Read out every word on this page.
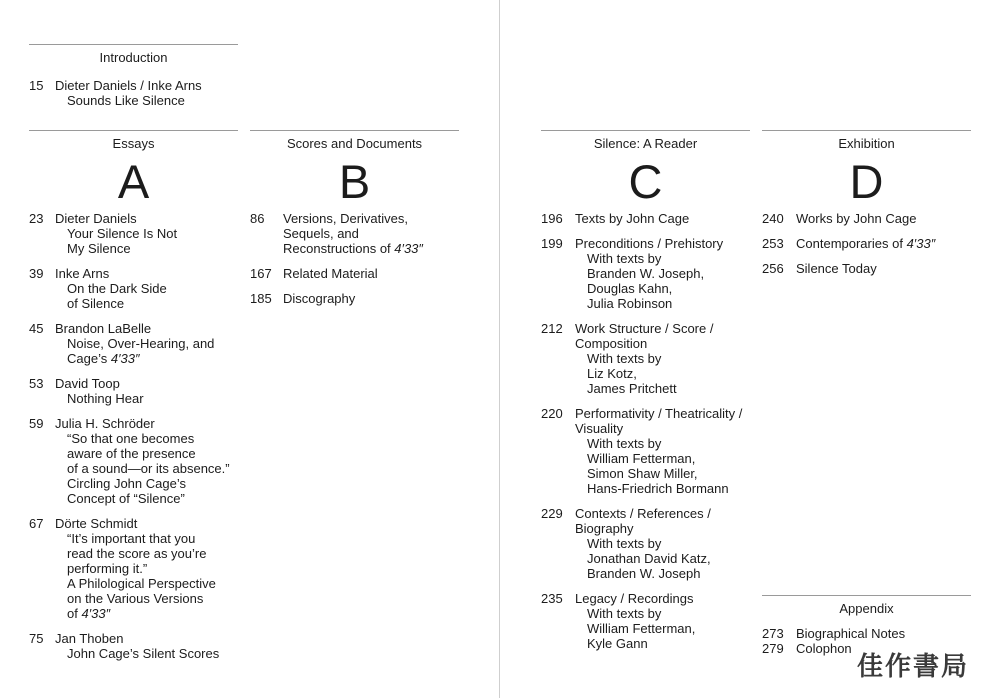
Introduction
15 Dieter Daniels / Inke Arns
Sounds Like Silence
Essays
A
23 Dieter Daniels
Your Silence Is Not
My Silence
39 Inke Arns
On the Dark Side
of Silence
45 Brandon LaBelle
Noise, Over-Hearing, and
Cage’s 4′33″
53 David Toop
Nothing Hear
59 Julia H. Schröder
“So that one becomes
aware of the presence
of a sound—or its absence.”
Circling John Cage’s
Concept of “Silence”
67 Dörte Schmidt
“It’s important that you
read the score as you’re
performing it.”
A Philological Perspective
on the Various Versions
of 4′33″
75 Jan Thoben
John Cage’s Silent Scores
Scores and Documents
B
86	Versions, Derivatives,
Sequels, and
Reconstructions of 4′33″
167 Related Material
185 Discography
Silence: A Reader
C
196 Texts by John Cage
199 Preconditions / Prehistory
With texts by
Branden W. Joseph,
Douglas Kahn,
Julia Robinson
212 Work Structure / Score /
Composition
With texts by
Liz Kotz,
James Pritchett
220 Performativity / Theatricality /
Visuality
With texts by
William Fetterman,
Simon Shaw Miller,
Hans-Friedrich Bormann
229 Contexts / References /
Biography
With texts by
Jonathan David Katz,
Branden W. Joseph
235 Legacy / Recordings
With texts by
William Fetterman,
Kyle Gann
Exhibition
D
240 Works by John Cage
253 Contemporaries of 4′33″
256 Silence Today
Appendix
273 Biographical Notes
279 Colophon
佳作書局
